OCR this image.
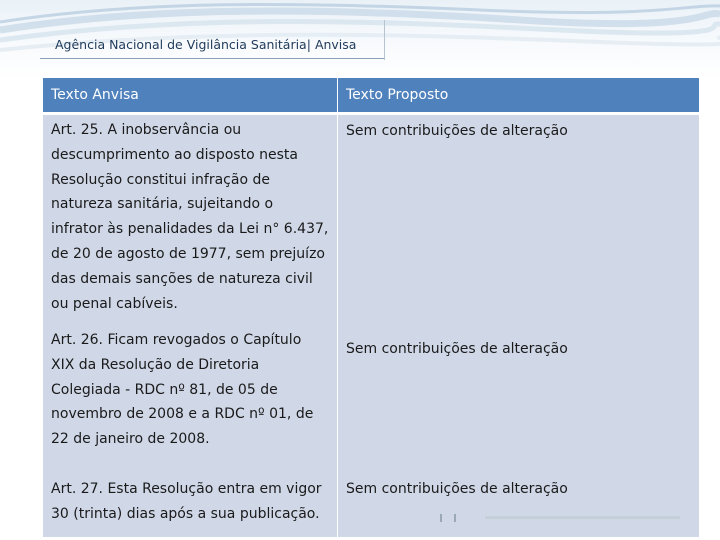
Agência Nacional de Vigilância Sanitária| Anvisa
Texto Anvisa	Texto Proposto
Art. 25. A inobservância ou descumprimento ao disposto nesta Resolução constitui infração de natureza sanitária, sujeitando o infrator às penalidades da Lei n° 6.437, de 20 de agosto de 1977, sem prejuízo das demais sanções de natureza civil ou penal cabíveis.	Sem contribuições de alteração
Art. 26. Ficam revogados o Capítulo XIX da Resolução de Diretoria Colegiada - RDC nº 81, de 05 de novembro de 2008 e a RDC nº 01, de 22 de janeiro de 2008.	Sem contribuições de alteração
Art. 27. Esta Resolução entra em vigor 30 (trinta) dias após a sua publicação.	Sem contribuições de alteração
